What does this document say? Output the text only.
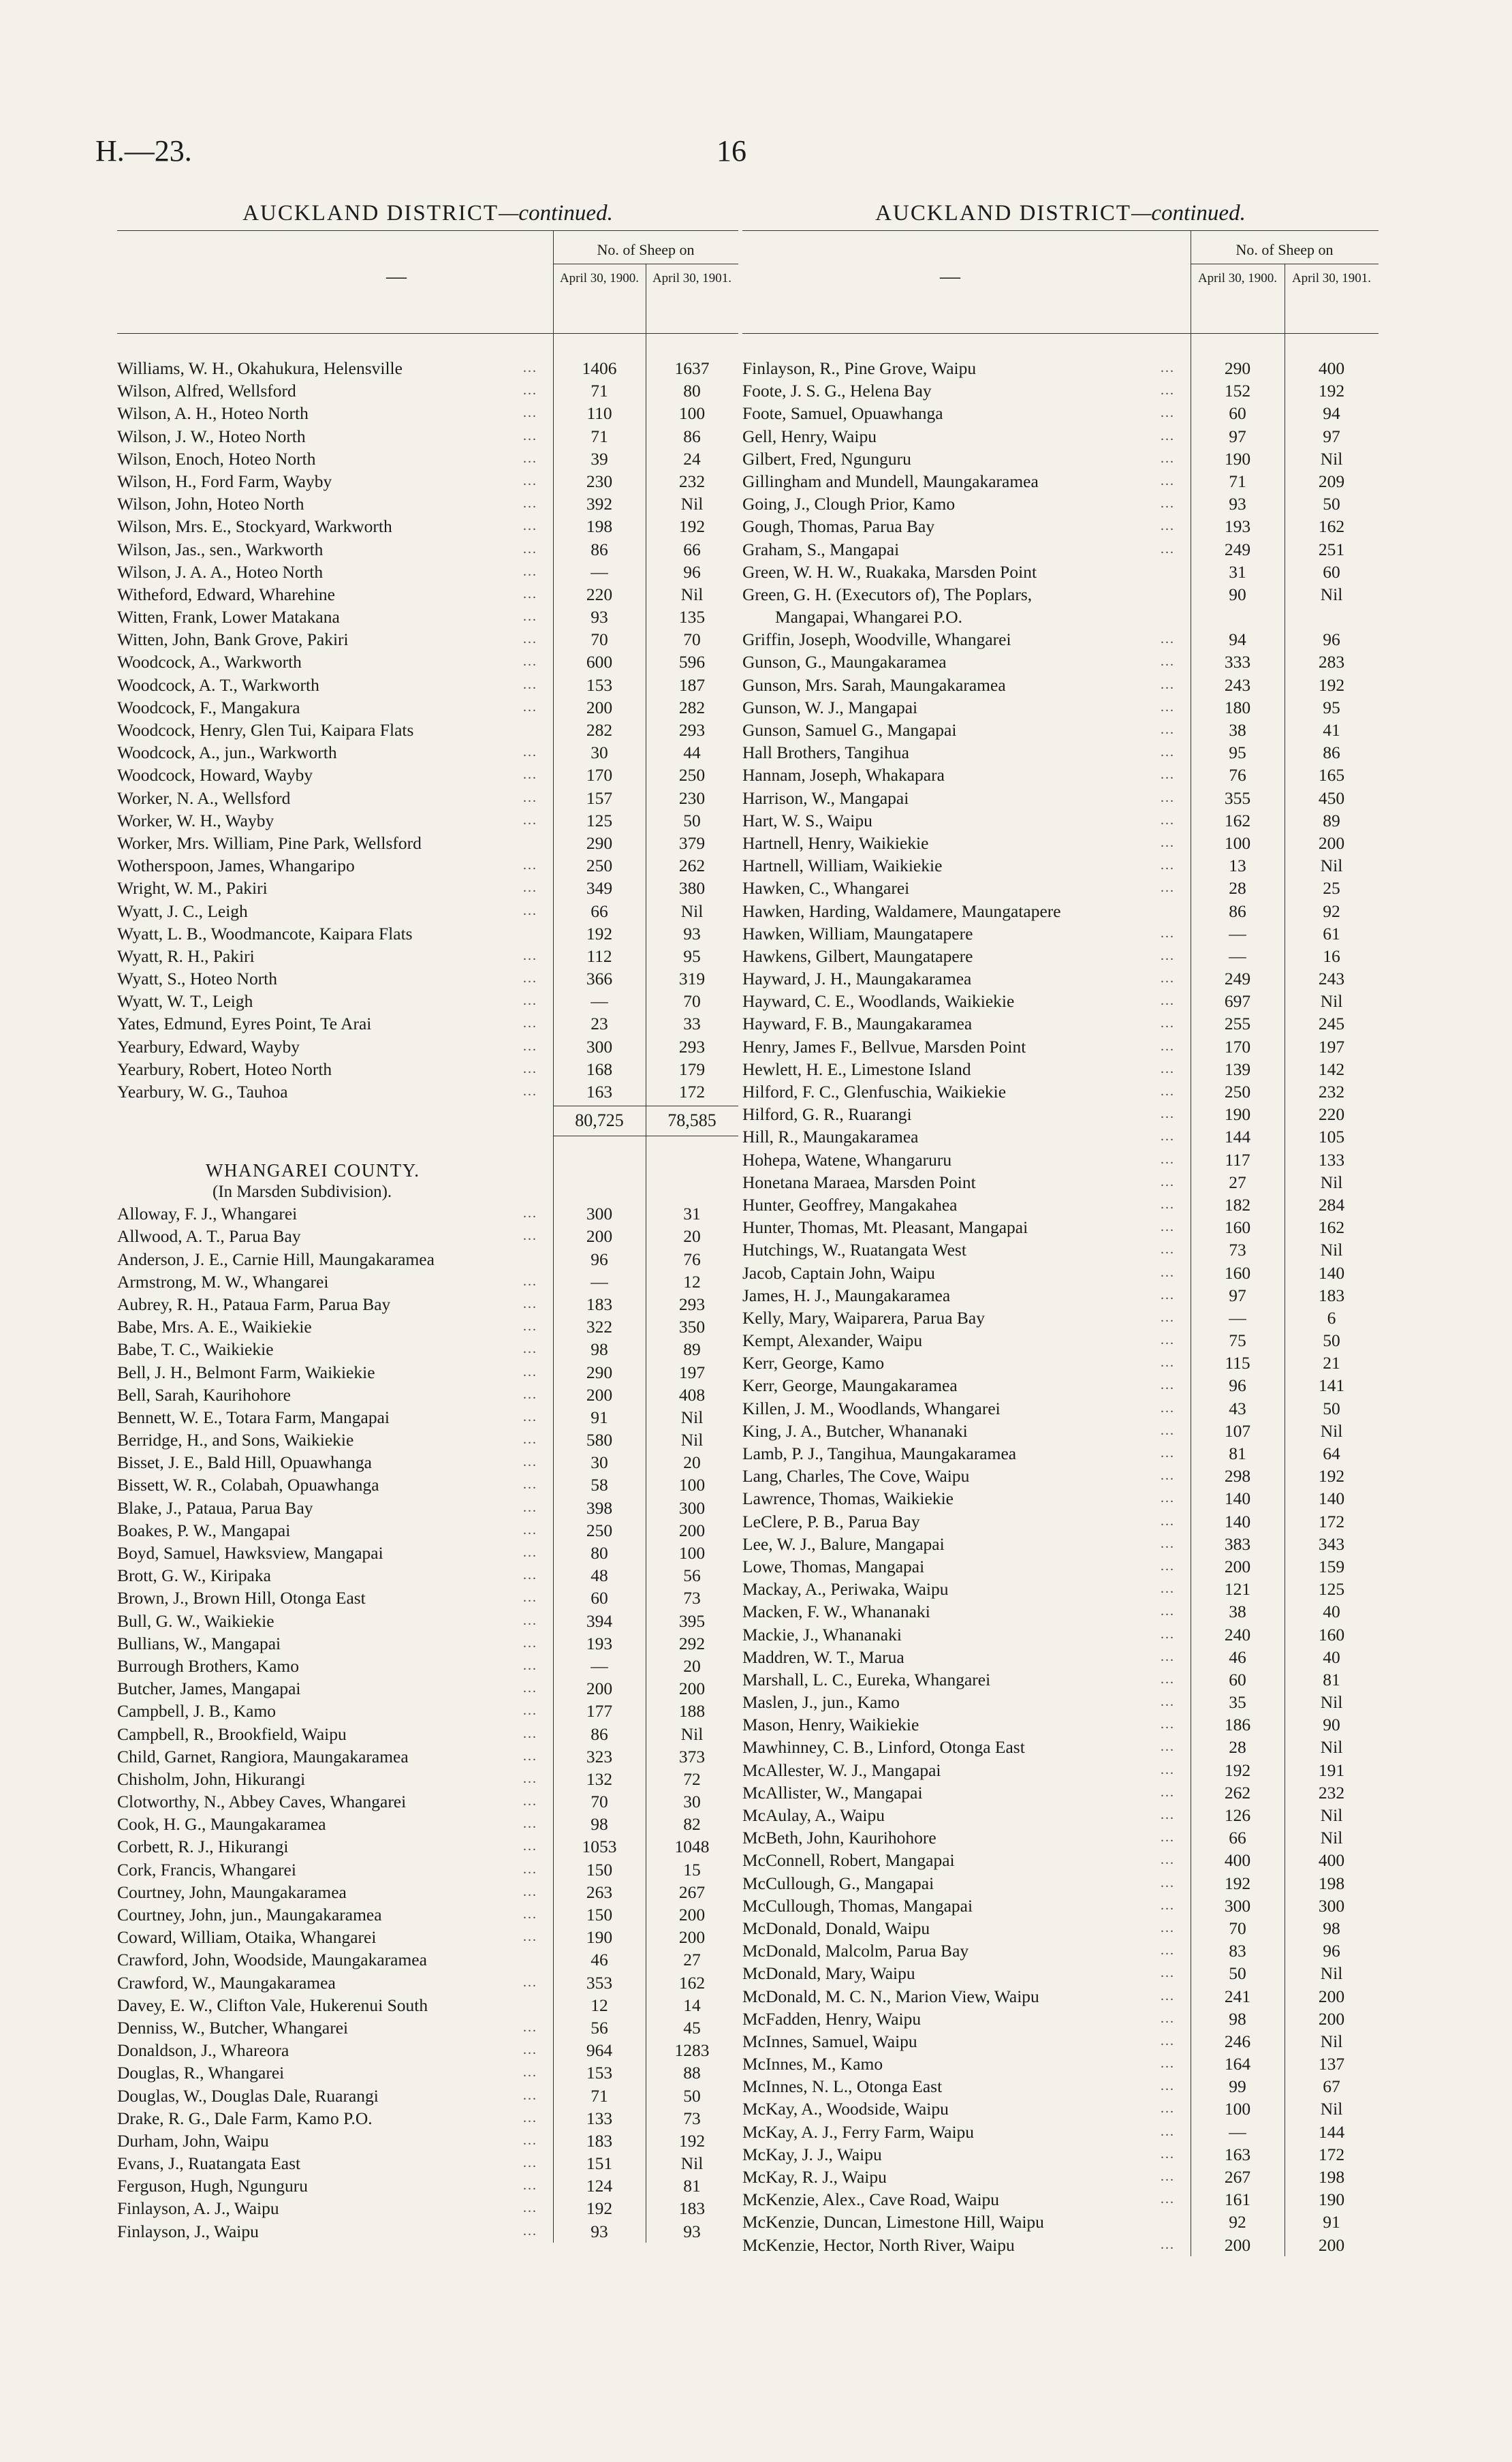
H.—23.	16
AUCKLAND DISTRICT—continued.
—
No. of Sheep on
April 30, 1900.	April 30, 1901.
Williams, W. H., Okahukura, Helensville	...	1406	1637
Wilson, Alfred, Wellsford	...	71	80
Wilson, A. H., Hoteo North	...	110	100
Wilson, J. W., Hoteo North	...	71	86
Wilson, Enoch, Hoteo North	...	39	24
Wilson, H., Ford Farm, Wayby	...	230	232
Wilson, John, Hoteo North	...	392	Nil
Wilson, Mrs. E., Stockyard, Warkworth	...	198	192
Wilson, Jas., sen., Warkworth	...	86	66
Wilson, J. A. A., Hoteo North	...	—	96
Witheford, Edward, Wharehine	...	220	Nil
Witten, Frank, Lower Matakana	...	93	135
Witten, John, Bank Grove, Pakiri	...	70	70
Woodcock, A., Warkworth	...	600	596
Woodcock, A. T., Warkworth	...	153	187
Woodcock, F., Mangakura	...	200	282
Woodcock, Henry, Glen Tui, Kaipara Flats	282	293
Woodcock, A., jun., Warkworth	...	30	44
Woodcock, Howard, Wayby	...	170	250
Worker, N. A., Wellsford	...	157	230
Worker, W. H., Wayby	...	125	50
Worker, Mrs. William, Pine Park, Wellsford	290	379
Wotherspoon, James, Whangaripo	...	250	262
Wright, W. M., Pakiri	...	349	380
Wyatt, J. C., Leigh	...	66	Nil
Wyatt, L. B., Woodmancote, Kaipara Flats	192	93
Wyatt, R. H., Pakiri	...	112	95
Wyatt, S., Hoteo North	...	366	319
Wyatt, W. T., Leigh	...	—	70
Yates, Edmund, Eyres Point, Te Arai	...	23	33
Yearbury, Edward, Wayby	...	300	293
Yearbury, Robert, Hoteo North	...	168	179
Yearbury, W. G., Tauhoa	...	163	172
80,725	78,585
WHANGAREI COUNTY.
(In Marsden Subdivision).
Alloway, F. J., Whangarei	...	300	31
Allwood, A. T., Parua Bay	...	200	20
Anderson, J. E., Carnie Hill, Maungakaramea	96	76
Armstrong, M. W., Whangarei	...	—	12
Aubrey, R. H., Pataua Farm, Parua Bay	...	183	293
Babe, Mrs. A. E., Waikiekie	...	322	350
Babe, T. C., Waikiekie	...	98	89
Bell, J. H., Belmont Farm, Waikiekie	...	290	197
Bell, Sarah, Kaurihohore	...	200	408
Bennett, W. E., Totara Farm, Mangapai	...	91	Nil
Berridge, H., and Sons, Waikiekie	...	580	Nil
Bisset, J. E., Bald Hill, Opuawhanga	...	30	20
Bissett, W. R., Colabah, Opuawhanga	...	58	100
Blake, J., Pataua, Parua Bay	...	398	300
Boakes, P. W., Mangapai	...	250	200
Boyd, Samuel, Hawksview, Mangapai	...	80	100
Brott, G. W., Kiripaka	...	48	56
Brown, J., Brown Hill, Otonga East	...	60	73
Bull, G. W., Waikiekie	...	394	395
Bullians, W., Mangapai	...	193	292
Burrough Brothers, Kamo	...	—	20
Butcher, James, Mangapai	...	200	200
Campbell, J. B., Kamo	...	177	188
Campbell, R., Brookfield, Waipu	...	86	Nil
Child, Garnet, Rangiora, Maungakaramea	...	323	373
Chisholm, John, Hikurangi	...	132	72
Clotworthy, N., Abbey Caves, Whangarei	...	70	30
Cook, H. G., Maungakaramea	...	98	82
Corbett, R. J., Hikurangi	...	1053	1048
Cork, Francis, Whangarei	...	150	15
Courtney, John, Maungakaramea	...	263	267
Courtney, John, jun., Maungakaramea	...	150	200
Coward, William, Otaika, Whangarei	...	190	200
Crawford, John, Woodside, Maungakaramea	46	27
Crawford, W., Maungakaramea	...	353	162
Davey, E. W., Clifton Vale, Hukerenui South	12	14
Denniss, W., Butcher, Whangarei	...	56	45
Donaldson, J., Whareora	...	964	1283
Douglas, R., Whangarei	...	153	88
Douglas, W., Douglas Dale, Ruarangi	...	71	50
Drake, R. G., Dale Farm, Kamo P.O.	...	133	73
Durham, John, Waipu	...	183	192
Evans, J., Ruatangata East	...	151	Nil
Ferguson, Hugh, Ngunguru	...	124	81
Finlayson, A. J., Waipu	...	192	183
Finlayson, J., Waipu	...	93	93
AUCKLAND DISTRICT—continued.
—
No. of Sheep on
April 30, 1900.	April 30, 1901.
Finlayson, R., Pine Grove, Waipu	...	290	400
Foote, J. S. G., Helena Bay	...	152	192
Foote, Samuel, Opuawhanga	...	60	94
Gell, Henry, Waipu	...	97	97
Gilbert, Fred, Ngunguru	...	190	Nil
Gillingham and Mundell, Maungakaramea	...	71	209
Going, J., Clough Prior, Kamo	...	93	50
Gough, Thomas, Parua Bay	...	193	162
Graham, S., Mangapai	...	249	251
Green, W. H. W., Ruakaka, Marsden Point	31	60
Green, G. H. (Executors of), The Poplars,	90	Nil
Mangapai, Whangarei P.O.
Griffin, Joseph, Woodville, Whangarei	...	94	96
Gunson, G., Maungakaramea	...	333	283
Gunson, Mrs. Sarah, Maungakaramea	...	243	192
Gunson, W. J., Mangapai	...	180	95
Gunson, Samuel G., Mangapai	...	38	41
Hall Brothers, Tangihua	...	95	86
Hannam, Joseph, Whakapara	...	76	165
Harrison, W., Mangapai	...	355	450
Hart, W. S., Waipu	...	162	89
Hartnell, Henry, Waikiekie	...	100	200
Hartnell, William, Waikiekie	...	13	Nil
Hawken, C., Whangarei	...	28	25
Hawken, Harding, Waldamere, Maungatapere	86	92
Hawken, William, Maungatapere	...	—	61
Hawkens, Gilbert, Maungatapere	...	—	16
Hayward, J. H., Maungakaramea	...	249	243
Hayward, C. E., Woodlands, Waikiekie	...	697	Nil
Hayward, F. B., Maungakaramea	...	255	245
Henry, James F., Bellvue, Marsden Point	...	170	197
Hewlett, H. E., Limestone Island	...	139	142
Hilford, F. C., Glenfuschia, Waikiekie	...	250	232
Hilford, G. R., Ruarangi	...	190	220
Hill, R., Maungakaramea	...	144	105
Hohepa, Watene, Whangaruru	...	117	133
Honetana Maraea, Marsden Point	...	27	Nil
Hunter, Geoffrey, Mangakahea	...	182	284
Hunter, Thomas, Mt. Pleasant, Mangapai	...	160	162
Hutchings, W., Ruatangata West	...	73	Nil
Jacob, Captain John, Waipu	...	160	140
James, H. J., Maungakaramea	...	97	183
Kelly, Mary, Waiparera, Parua Bay	...	—	6
Kempt, Alexander, Waipu	...	75	50
Kerr, George, Kamo	...	115	21
Kerr, George, Maungakaramea	...	96	141
Killen, J. M., Woodlands, Whangarei	...	43	50
King, J. A., Butcher, Whananaki	...	107	Nil
Lamb, P. J., Tangihua, Maungakaramea	...	81	64
Lang, Charles, The Cove, Waipu	...	298	192
Lawrence, Thomas, Waikiekie	...	140	140
LeClere, P. B., Parua Bay	...	140	172
Lee, W. J., Balure, Mangapai	...	383	343
Lowe, Thomas, Mangapai	...	200	159
Mackay, A., Periwaka, Waipu	...	121	125
Macken, F. W., Whananaki	...	38	40
Mackie, J., Whananaki	...	240	160
Maddren, W. T., Marua	...	46	40
Marshall, L. C., Eureka, Whangarei	...	60	81
Maslen, J., jun., Kamo	...	35	Nil
Mason, Henry, Waikiekie	...	186	90
Mawhinney, C. B., Linford, Otonga East	...	28	Nil
McAllester, W. J., Mangapai	...	192	191
McAllister, W., Mangapai	...	262	232
McAulay, A., Waipu	...	126	Nil
McBeth, John, Kaurihohore	...	66	Nil
McConnell, Robert, Mangapai	...	400	400
McCullough, G., Mangapai	...	192	198
McCullough, Thomas, Mangapai	...	300	300
McDonald, Donald, Waipu	...	70	98
McDonald, Malcolm, Parua Bay	...	83	96
McDonald, Mary, Waipu	...	50	Nil
McDonald, M. C. N., Marion View, Waipu	...	241	200
McFadden, Henry, Waipu	...	98	200
McInnes, Samuel, Waipu	...	246	Nil
McInnes, M., Kamo	...	164	137
McInnes, N. L., Otonga East	...	99	67
McKay, A., Woodside, Waipu	...	100	Nil
McKay, A. J., Ferry Farm, Waipu	...	—	144
McKay, J. J., Waipu	...	163	172
McKay, R. J., Waipu	...	267	198
McKenzie, Alex., Cave Road, Waipu	...	161	190
McKenzie, Duncan, Limestone Hill, Waipu	92	91
McKenzie, Hector, North River, Waipu	...	200	200
